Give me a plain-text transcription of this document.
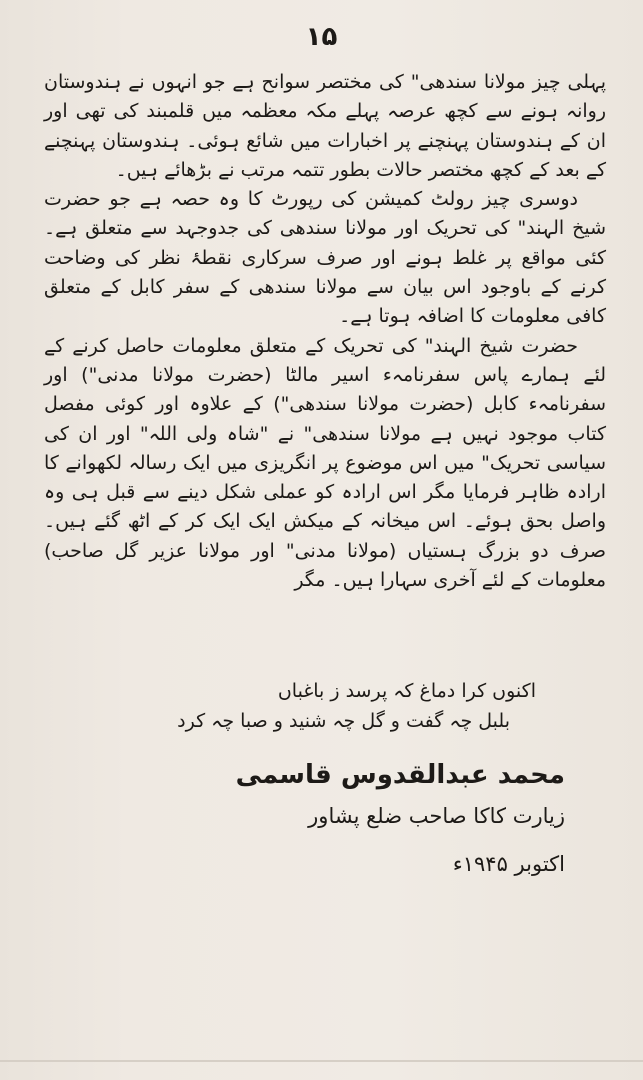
۱۵

پہلی چیز مولانا سندھی" کی مختصر سوانح ہے جو انہوں نے ہندوستان روانہ ہونے سے کچھ عرصہ پہلے مکہ معظمہ میں قلمبند کی تھی اور ان کے ہندوستان پہنچنے پر اخبارات میں شائع ہوئی۔ ہندوستان پہنچنے کے بعد کے کچھ مختصر حالات بطور تتمہ مرتب نے بڑھائے ہیں۔

دوسری چیز رولٹ کمیشن کی رپورٹ کا وہ حصہ ہے جو حضرت شیخ الہند" کی تحریک اور مولانا سندھی کی جدوجہد سے متعلق ہے۔ کئی مواقع پر غلط ہونے اور صرف سرکاری نقطۂ نظر کی وضاحت کرنے کے باوجود اس بیان سے مولانا سندھی کے سفر کابل کے متعلق کافی معلومات کا اضافہ ہوتا ہے۔

حضرت شیخ الہند" کی تحریک کے متعلق معلومات حاصل کرنے کے لئے ہمارے پاس سفرنامہء اسیر مالٹا (حضرت مولانا مدنی") اور سفرنامہء کابل (حضرت مولانا سندھی") کے علاوہ اور کوئی مفصل کتاب موجود نہیں ہے مولانا سندھی" نے "شاہ ولی اللہ" اور ان کی سیاسی تحریک" میں اس موضوع پر انگریزی میں ایک رسالہ لکھوانے کا ارادہ ظاہر فرمایا مگر اس ارادہ کو عملی شکل دینے سے قبل ہی وہ واصل بحق ہوئے۔ اس میخانہ کے میکش ایک ایک کر کے اٹھ گئے ہیں۔ صرف دو بزرگ ہستیاں (مولانا مدنی" اور مولانا عزیر گل صاحب) معلومات کے لئے آخری سہارا ہیں۔ مگر

اکنوں کرا دماغ کہ پرسد ز باغباں
بلبل چہ گفت و گل چہ شنید و صبا چہ کرد
محمد عبدالقدوس قاسمی
زیارت کاکا صاحب ضلع پشاور
اکتوبر ۱۹۴۵ء
